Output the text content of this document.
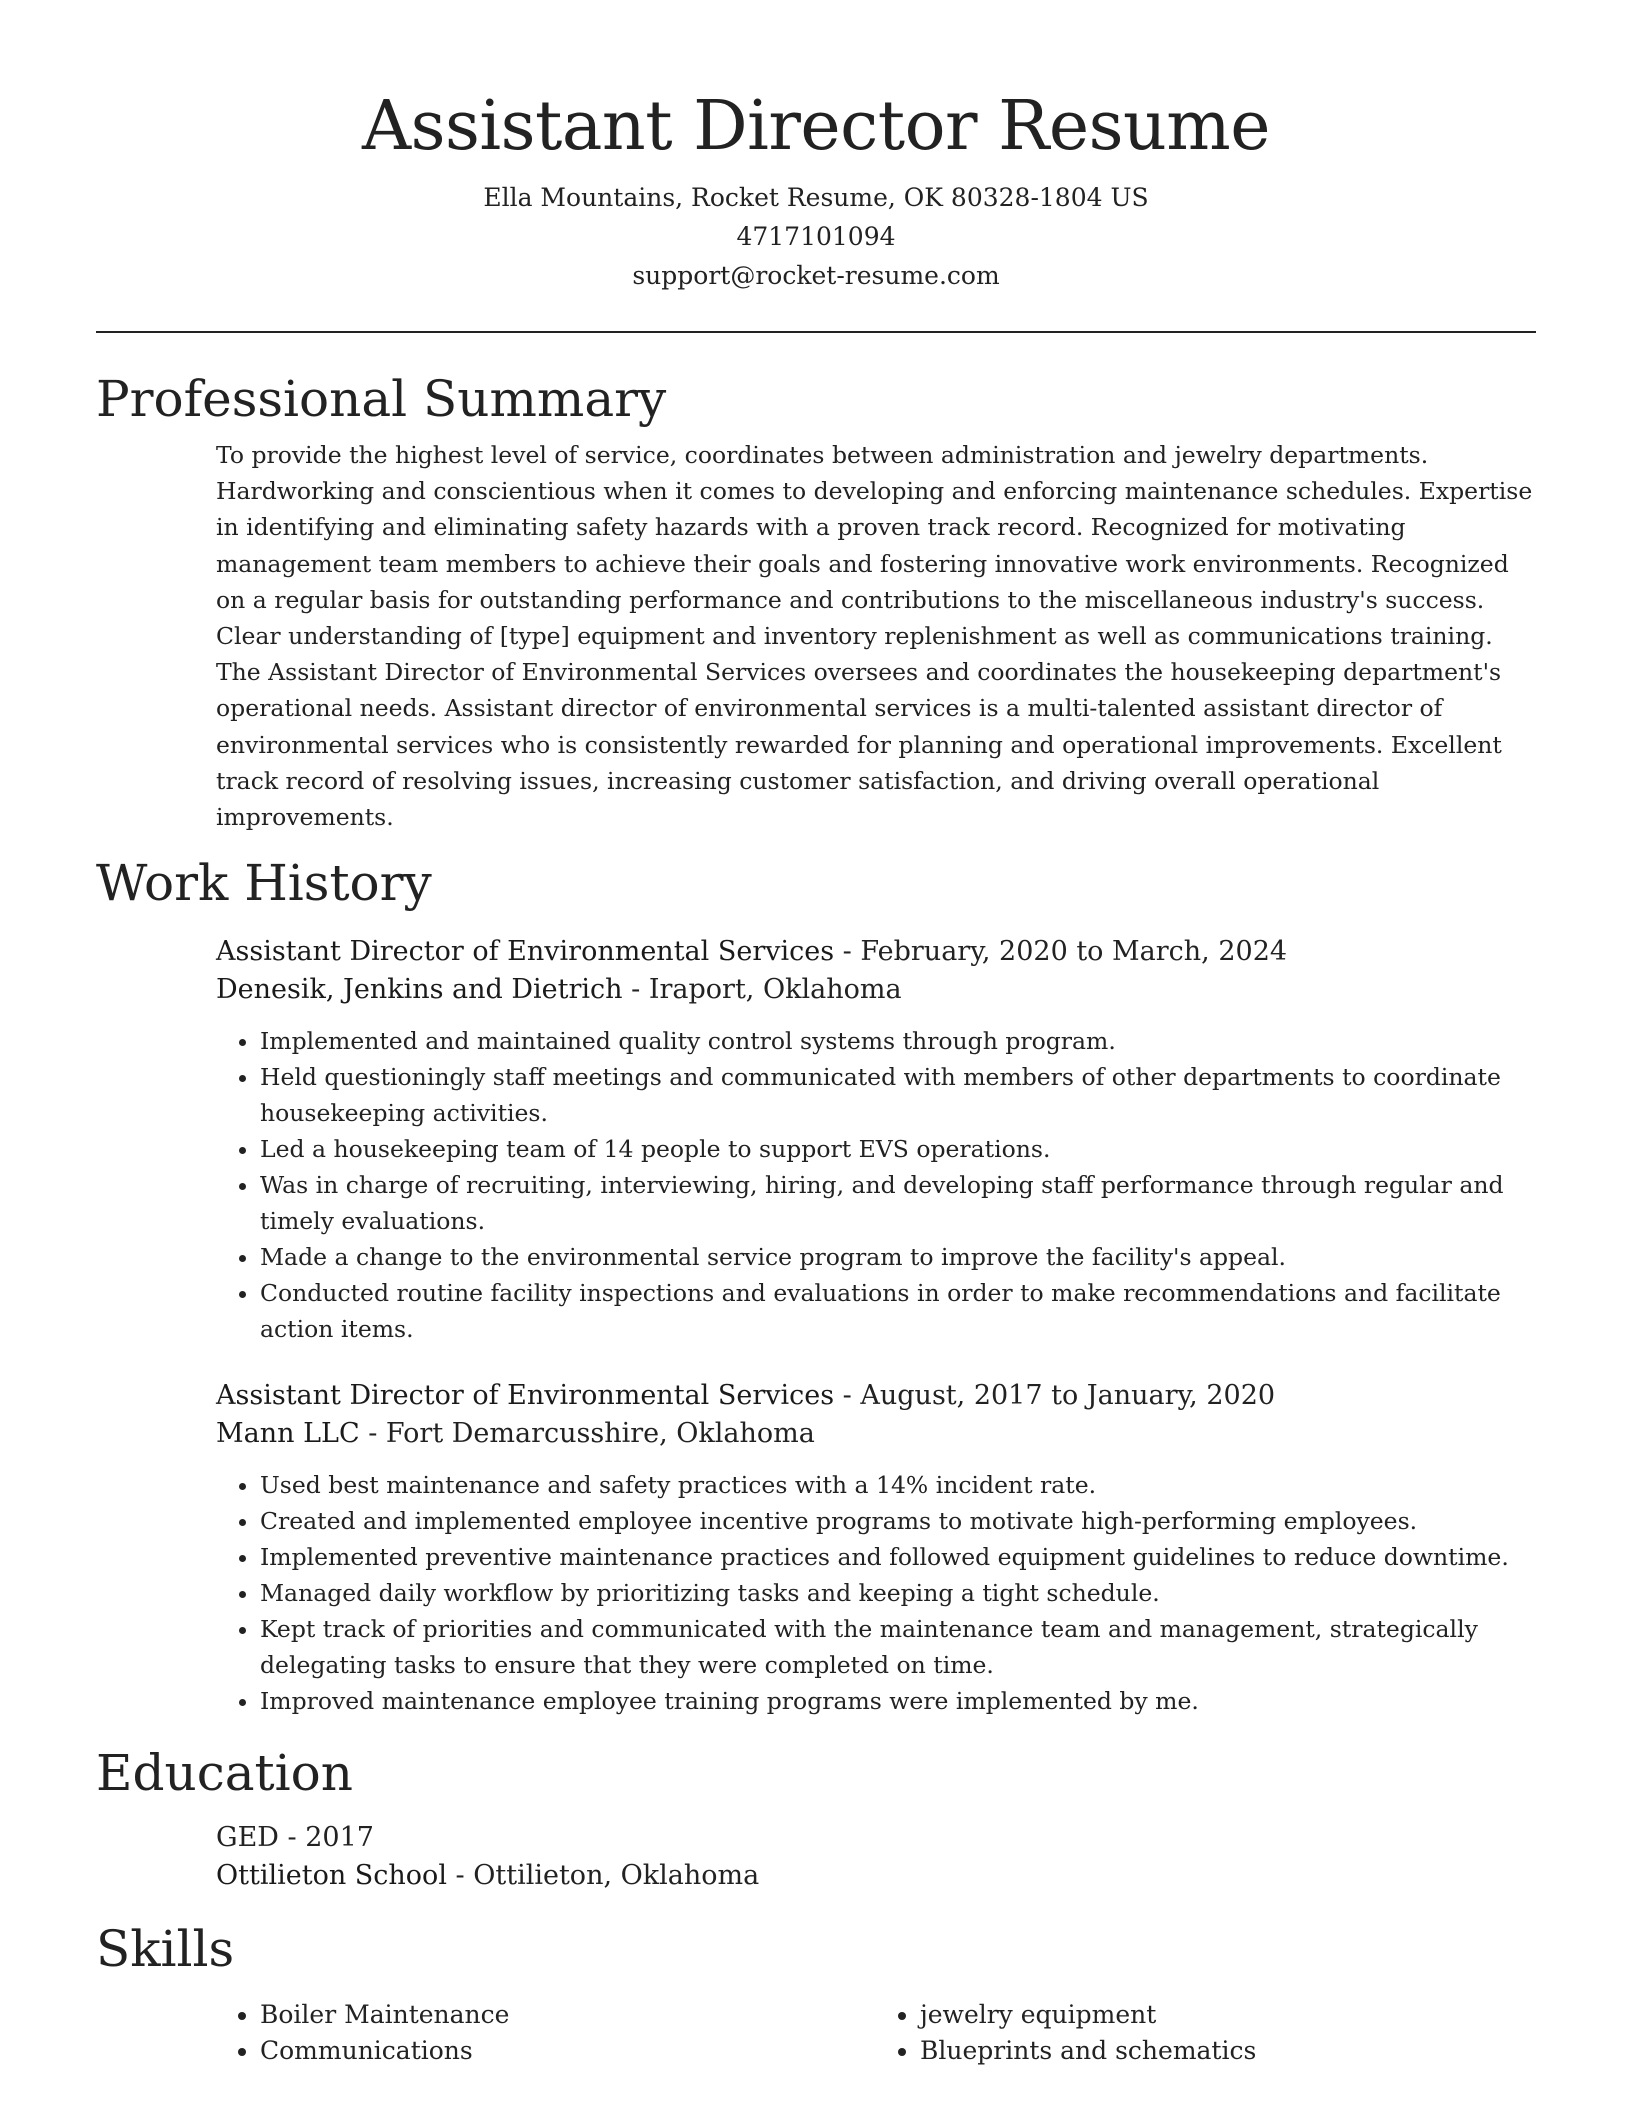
Assistant Director Resume

Ella Mountains, Rocket Resume, OK 80328-1804 US

4717101094

support@rocket-resume.com

Professional Summary

To provide the highest level of service, coordinates between administration and jewelry departments. Hardworking and conscientious when it comes to developing and enforcing maintenance schedules. Expertise in identifying and eliminating safety hazards with a proven track record. Recognized for motivating management team members to achieve their goals and fostering innovative work environments. Recognized on a regular basis for outstanding performance and contributions to the miscellaneous industry's success. Clear understanding of [type] equipment and inventory replenishment as well as communications training. The Assistant Director of Environmental Services oversees and coordinates the housekeeping department's operational needs. Assistant director of environmental services is a multi-talented assistant director of environmental services who is consistently rewarded for planning and operational improvements. Excellent track record of resolving issues, increasing customer satisfaction, and driving overall operational improvements.

Work History

Assistant Director of Environmental Services - February, 2020 to March, 2024

Denesik, Jenkins and Dietrich - Iraport, Oklahoma

• Implemented and maintained quality control systems through program.
• Held questioningly staff meetings and communicated with members of other departments to coordinate housekeeping activities.
• Led a housekeeping team of 14 people to support EVS operations.
• Was in charge of recruiting, interviewing, hiring, and developing staff performance through regular and timely evaluations.
• Made a change to the environmental service program to improve the facility's appeal.
• Conducted routine facility inspections and evaluations in order to make recommendations and facilitate action items.

Assistant Director of Environmental Services - August, 2017 to January, 2020

Mann LLC - Fort Demarcusshire, Oklahoma

• Used best maintenance and safety practices with a 14% incident rate.
• Created and implemented employee incentive programs to motivate high-performing employees.
• Implemented preventive maintenance practices and followed equipment guidelines to reduce downtime.
• Managed daily workflow by prioritizing tasks and keeping a tight schedule.
• Kept track of priorities and communicated with the maintenance team and management, strategically delegating tasks to ensure that they were completed on time.
• Improved maintenance employee training programs were implemented by me.
Education

GED - 2017

Ottilieton School - Ottilieton, Oklahoma

Skills
• Boiler Maintenance
• Communications
• jewelry equipment
• Blueprints and schematics
